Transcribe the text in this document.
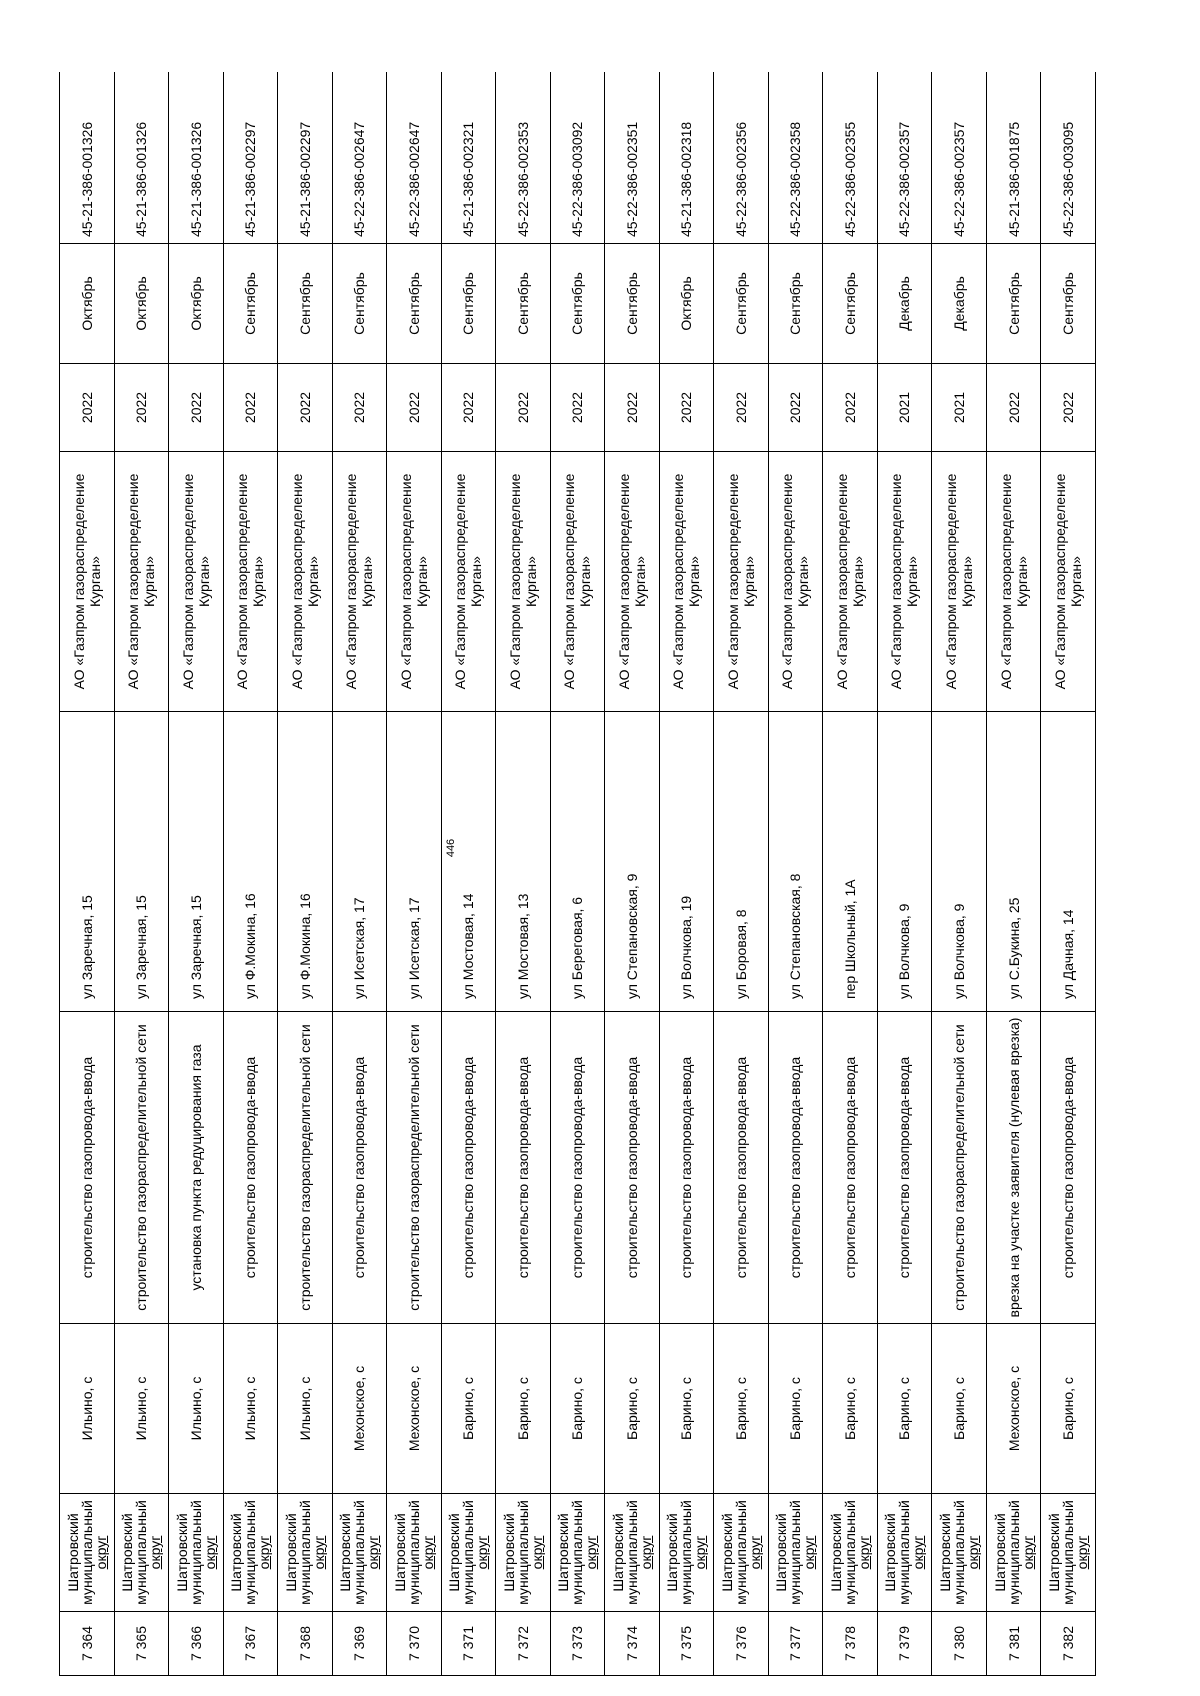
446
7 364	Шатровский
муниципальный
округ	Ильино, с	строительство газопровода-ввода	ул Заречная, 15	АО «Газпром газораспределение Курган»	2022	Октябрь	45-21-386-001326
7 365	Шатровский
муниципальный
округ	Ильино, с	строительство газораспределительной сети	ул Заречная, 15	АО «Газпром газораспределение Курган»	2022	Октябрь	45-21-386-001326
7 366	Шатровский
муниципальный
округ	Ильино, с	установка пункта редуцирования газа	ул Заречная, 15	АО «Газпром газораспределение Курган»	2022	Октябрь	45-21-386-001326
7 367	Шатровский
муниципальный
округ	Ильино, с	строительство газопровода-ввода	ул Ф.Мокина, 16	АО «Газпром газораспределение Курган»	2022	Сентябрь	45-21-386-002297
7 368	Шатровский
муниципальный
округ	Ильино, с	строительство газораспределительной сети	ул Ф.Мокина, 16	АО «Газпром газораспределение Курган»	2022	Сентябрь	45-21-386-002297
7 369	Шатровский
муниципальный
округ	Мехонское, с	строительство газопровода-ввода	ул Исетская, 17	АО «Газпром газораспределение Курган»	2022	Сентябрь	45-22-386-002647
7 370	Шатровский
муниципальный
округ	Мехонское, с	строительство газораспределительной сети	ул Исетская, 17	АО «Газпром газораспределение Курган»	2022	Сентябрь	45-22-386-002647
7 371	Шатровский
муниципальный
округ	Барино, с	строительство газопровода-ввода	ул Мостовая, 14	АО «Газпром газораспределение Курган»	2022	Сентябрь	45-21-386-002321
7 372	Шатровский
муниципальный
округ	Барино, с	строительство газопровода-ввода	ул Мостовая, 13	АО «Газпром газораспределение Курган»	2022	Сентябрь	45-22-386-002353
7 373	Шатровский
муниципальный
округ	Барино, с	строительство газопровода-ввода	ул Береговая, 6	АО «Газпром газораспределение Курган»	2022	Сентябрь	45-22-386-003092
7 374	Шатровский
муниципальный
округ	Барино, с	строительство газопровода-ввода	ул Степановская, 9	АО «Газпром газораспределение Курган»	2022	Сентябрь	45-22-386-002351
7 375	Шатровский
муниципальный
округ	Барино, с	строительство газопровода-ввода	ул Волчкова, 19	АО «Газпром газораспределение Курган»	2022	Октябрь	45-21-386-002318
7 376	Шатровский
муниципальный
округ	Барино, с	строительство газопровода-ввода	ул Боровая, 8	АО «Газпром газораспределение Курган»	2022	Сентябрь	45-22-386-002356
7 377	Шатровский
муниципальный
округ	Барино, с	строительство газопровода-ввода	ул Степановская, 8	АО «Газпром газораспределение Курган»	2022	Сентябрь	45-22-386-002358
7 378	Шатровский
муниципальный
округ	Барино, с	строительство газопровода-ввода	пер Школьный, 1А	АО «Газпром газораспределение Курган»	2022	Сентябрь	45-22-386-002355
7 379	Шатровский
муниципальный
округ	Барино, с	строительство газопровода-ввода	ул Волчкова, 9	АО «Газпром газораспределение Курган»	2021	Декабрь	45-22-386-002357
7 380	Шатровский
муниципальный
округ	Барино, с	строительство газораспределительной сети	ул Волчкова, 9	АО «Газпром газораспределение Курган»	2021	Декабрь	45-22-386-002357
7 381	Шатровский
муниципальный
округ	Мехонское, с	врезка на участке заявителя (нулевая врезка)	ул С.Букина, 25	АО «Газпром газораспределение Курган»	2022	Сентябрь	45-21-386-001875
7 382	Шатровский
муниципальный
округ	Барино, с	строительство газопровода-ввода	ул Дачная, 14	АО «Газпром газораспределение Курган»	2022	Сентябрь	45-22-386-003095
